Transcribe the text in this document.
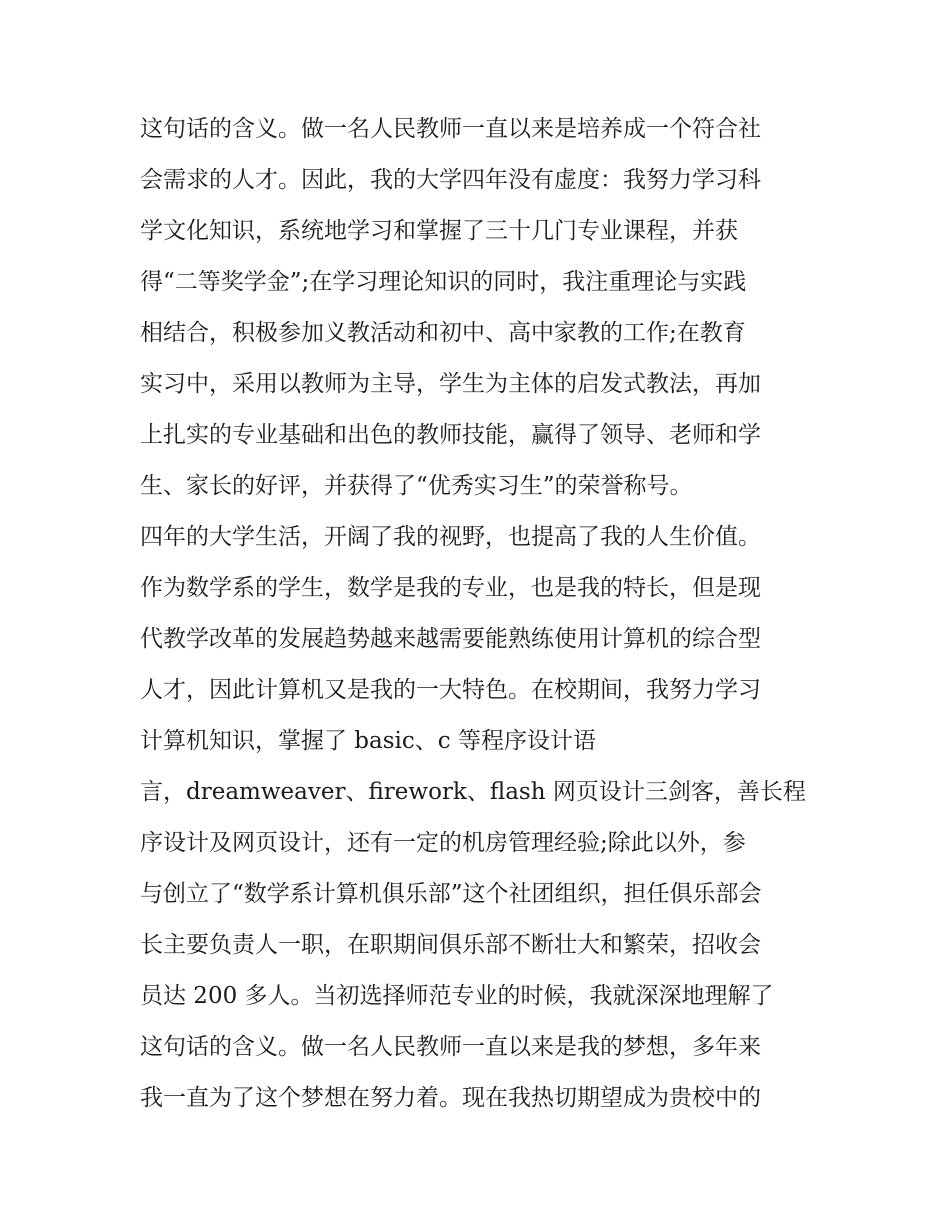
这句话的含义。做一名人民教师一直以来是培养成一个符合社
会需求的人才。因此，我的大学四年没有虚度：我努力学习科
学文化知识，系统地学习和掌握了三十几门专业课程，并获
得“二等奖学金”;在学习理论知识的同时，我注重理论与实践
相结合，积极参加义教活动和初中、高中家教的工作;在教育
实习中，采用以教师为主导，学生为主体的启发式教法，再加
上扎实的专业基础和出色的教师技能，赢得了领导、老师和学
生、家长的好评，并获得了“优秀实习生”的荣誉称号。
四年的大学生活，开阔了我的视野，也提高了我的人生价值。
作为数学系的学生，数学是我的专业，也是我的特长，但是现
代教学改革的发展趋势越来越需要能熟练使用计算机的综合型
人才，因此计算机又是我的一大特色。在校期间，我努力学习
计算机知识，掌握了 basic、c 等程序设计语
言，dreamweaver、firework、flash 网页设计三剑客，善长程
序设计及网页设计，还有一定的机房管理经验;除此以外，参
与创立了“数学系计算机俱乐部”这个社团组织，担任俱乐部会
长主要负责人一职，在职期间俱乐部不断壮大和繁荣，招收会
员达 200 多人。当初选择师范专业的时候，我就深深地理解了
这句话的含义。做一名人民教师一直以来是我的梦想，多年来
我一直为了这个梦想在努力着。现在我热切期望成为贵校中的
